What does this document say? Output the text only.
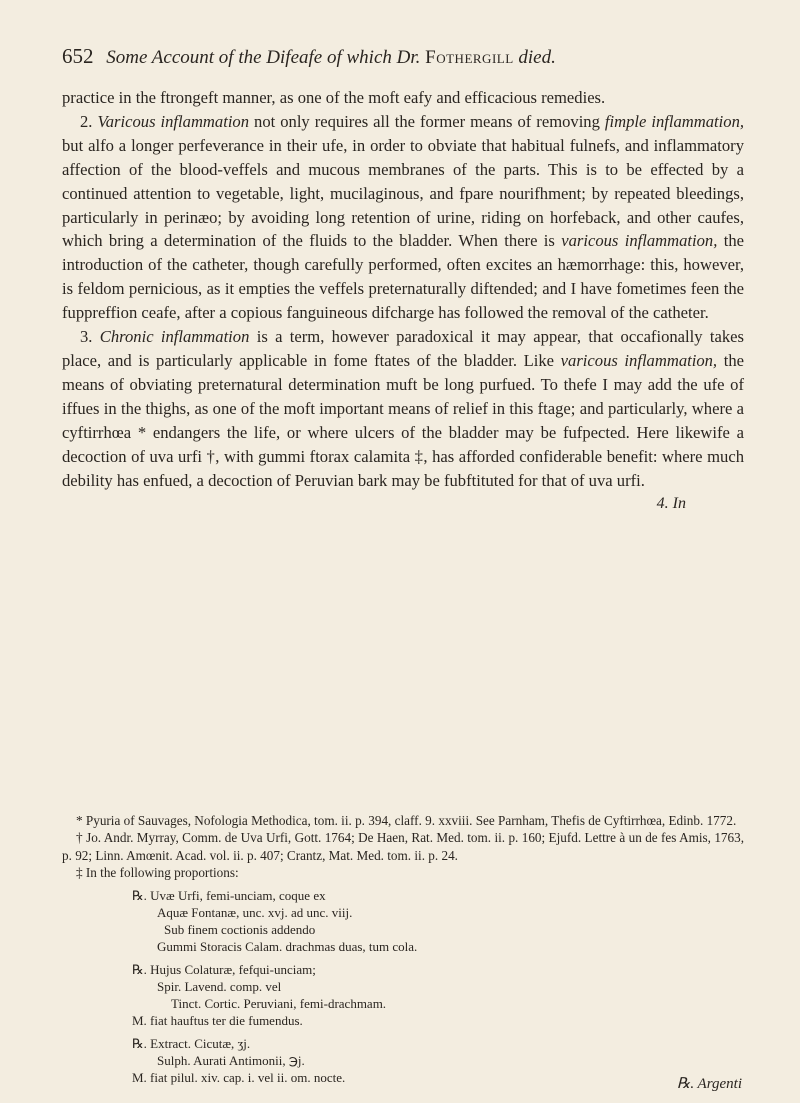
652 Some Account of the Difeafe of which Dr. Fothergill died.

practice in the ftrongeft manner, as one of the moft eafy and efficacious remedies.

2. Varicous inflammation not only requires all the former means of removing fimple inflammation, but alfo a longer perfeverance in their ufe, in order to obviate that habitual fulnefs, and inflammatory affection of the blood-veffels and mucous membranes of the parts. This is to be effected by a continued attention to vegetable, light, mucilaginous, and fpare nourifhment; by repeated bleedings, particularly in perinæo; by avoiding long retention of urine, riding on horfeback, and other caufes, which bring a determination of the fluids to the bladder. When there is varicous inflammation, the introduction of the catheter, though carefully performed, often excites an hæmorrhage: this, however, is feldom pernicious, as it empties the veffels preternaturally diftended; and I have fometimes feen the fuppreffion ceafe, after a copious fanguineous difcharge has followed the removal of the catheter.

3. Chronic inflammation is a term, however paradoxical it may appear, that occafionally takes place, and is particularly applicable in fome ftates of the bladder. Like varicous inflammation, the means of obviating preternatural determination muft be long purfued. To thefe I may add the ufe of iffues in the thighs, as one of the moft important means of relief in this ftage; and particularly, where a cyftirrhœa * endangers the life, or where ulcers of the bladder may be fufpected. Here likewife a decoction of uva urfi †, with gummi ftorax calamita ‡, has afforded confiderable benefit: where much debility has enfued, a decoction of Peruvian bark may be fubftituted for that of uva urfi.

4. In

* Pyuria of Sauvages, Nofologia Methodica, tom. ii. p. 394, claff. 9. xxviii. See Parnham, Thefis de Cyftirrhœa, Edinb. 1772.

† Jo. Andr. Myrray, Comm. de Uva Urfi, Gott. 1764; De Haen, Rat. Med. tom. ii. p. 160; Ejufd. Lettre à un de fes Amis, 1763, p. 92; Linn. Amœnit. Acad. vol. ii. p. 407; Crantz, Mat. Med. tom. ii. p. 24.

‡ In the following proportions:

℞. Uvæ Urfi, femi-unciam, coque ex
Aquæ Fontanæ, unc. xvj. ad unc. viij.
Sub finem coctionis addendo
Gummi Storacis Calam. drachmas duas, tum cola.
℞. Hujus Colaturæ, fefqui-unciam;
Spir. Lavend. comp. vel
Tinct. Cortic. Peruviani, femi-drachmam.
M. fiat hauftus ter die fumendus.
℞. Extract. Cicutæ, ʒj.
Sulph. Aurati Antimonii, ℈j.
M. fiat pilul. xiv. cap. i. vel ii. om. nocte.	℞. Argenti
